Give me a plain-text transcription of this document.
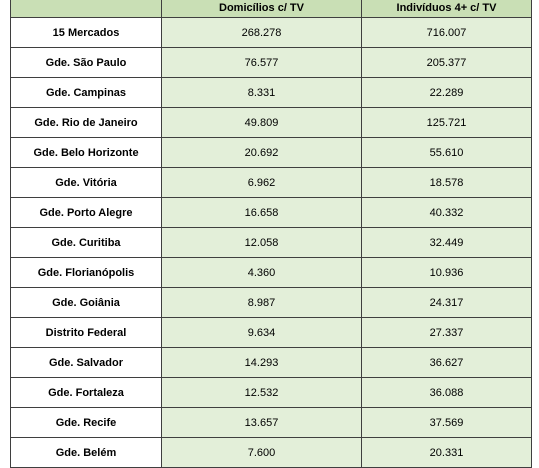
	Domicílios c/ TV	Indivíduos 4+ c/ TV
15 Mercados	268.278	716.007
Gde. São Paulo	76.577	205.377
Gde. Campinas	8.331	22.289
Gde. Rio de Janeiro	49.809	125.721
Gde. Belo Horizonte	20.692	55.610
Gde. Vitória	6.962	18.578
Gde. Porto Alegre	16.658	40.332
Gde. Curitiba	12.058	32.449
Gde. Florianópolis	4.360	10.936
Gde. Goiânia	8.987	24.317
Distrito Federal	9.634	27.337
Gde. Salvador	14.293	36.627
Gde. Fortaleza	12.532	36.088
Gde. Recife	13.657	37.569
Gde. Belém	7.600	20.331
